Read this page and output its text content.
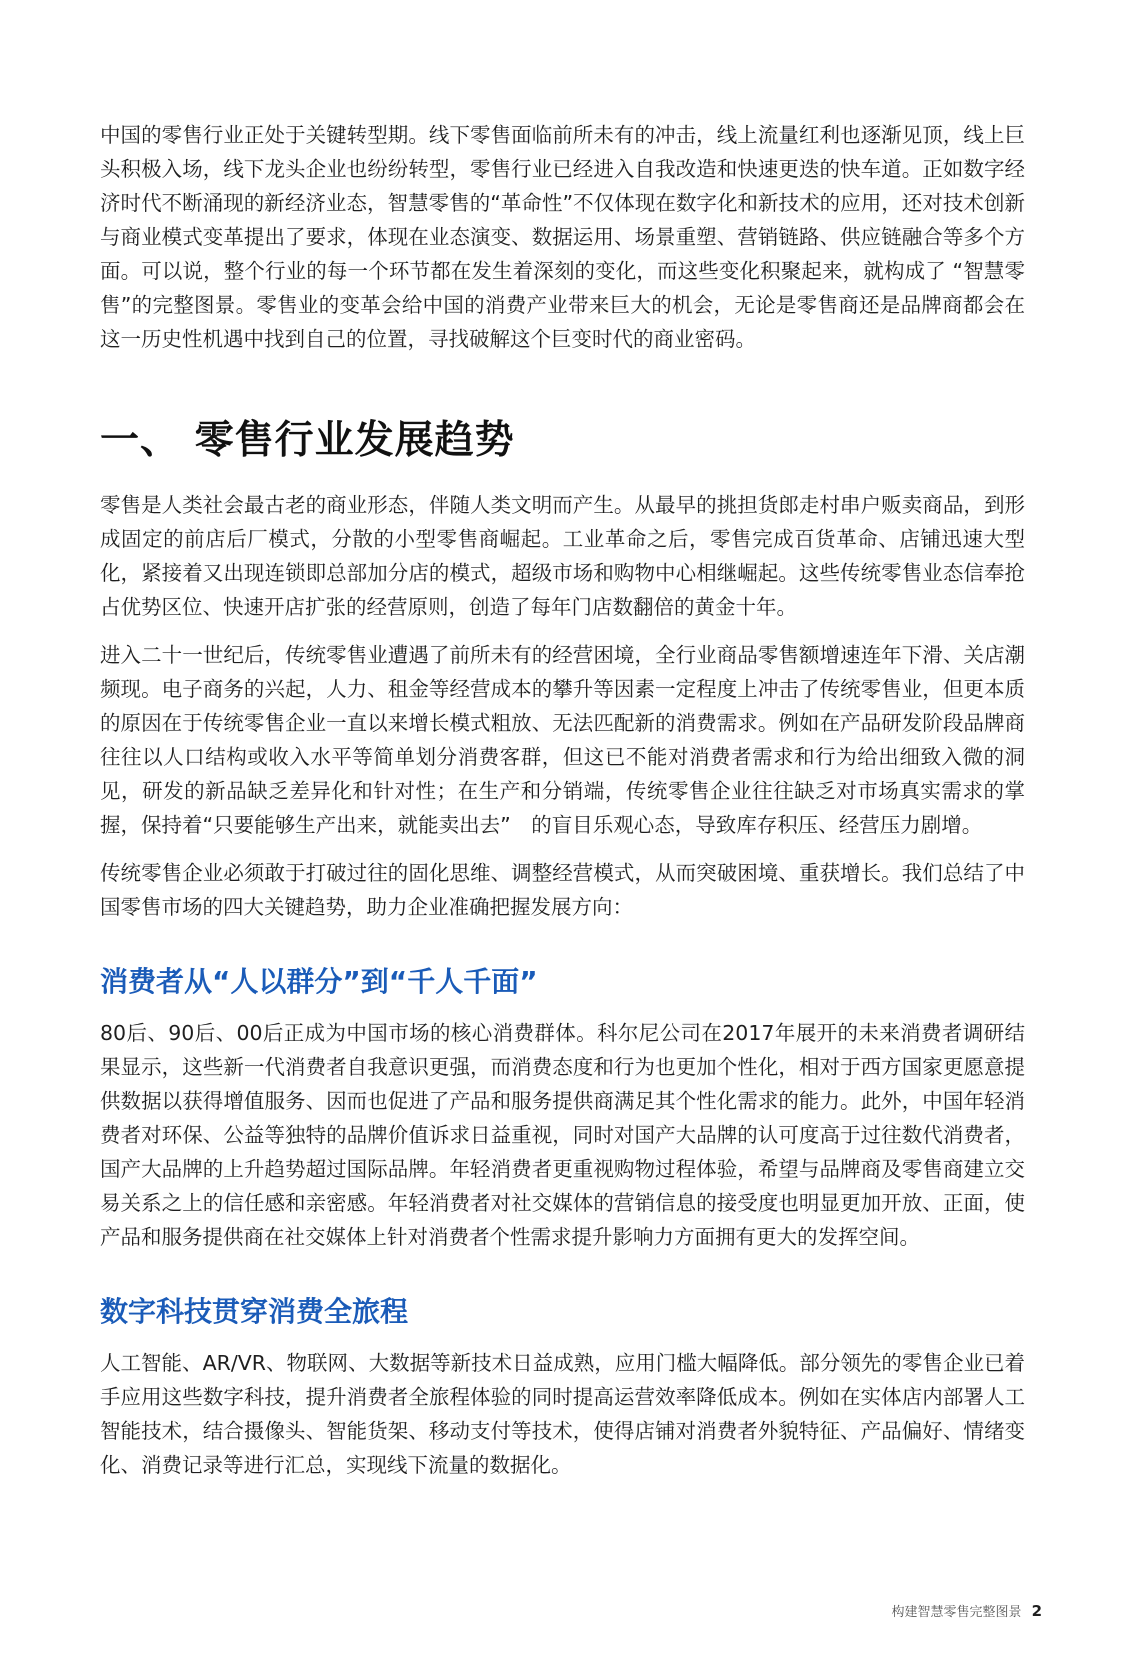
中国的零售行业正处于关键转型期。线下零售面临前所未有的冲击，线上流量红利也逐渐见顶，线上巨头积极入场，线下龙头企业也纷纷转型，零售行业已经进入自我改造和快速更迭的快车道。正如数字经济时代不断涌现的新经济业态，智慧零售的“革命性”不仅体现在数字化和新技术的应用，还对技术创新与商业模式变革提出了要求，体现在业态演变、数据运用、场景重塑、营销链路、供应链融合等多个方面。可以说，整个行业的每一个环节都在发生着深刻的变化，而这些变化积聚起来，就构成了 “智慧零售”的完整图景。零售业的变革会给中国的消费产业带来巨大的机会，无论是零售商还是品牌商都会在这一历史性机遇中找到自己的位置，寻找破解这个巨变时代的商业密码。

一、 零售行业发展趋势

零售是人类社会最古老的商业形态，伴随人类文明而产生。从最早的挑担货郎走村串户贩卖商品，到形成固定的前店后厂模式，分散的小型零售商崛起。工业革命之后，零售完成百货革命、店铺迅速大型化，紧接着又出现连锁即总部加分店的模式，超级市场和购物中心相继崛起。这些传统零售业态信奉抢占优势区位、快速开店扩张的经营原则，创造了每年门店数翻倍的黄金十年。

进入二十一世纪后，传统零售业遭遇了前所未有的经营困境，全行业商品零售额增速连年下滑、关店潮频现。电子商务的兴起，人力、租金等经营成本的攀升等因素一定程度上冲击了传统零售业，但更本质的原因在于传统零售企业一直以来增长模式粗放、无法匹配新的消费需求。例如在产品研发阶段品牌商往往以人口结构或收入水平等简单划分消费客群，但这已不能对消费者需求和行为给出细致入微的洞见，研发的新品缺乏差异化和针对性；在生产和分销端，传统零售企业往往缺乏对市场真实需求的掌握，保持着“只要能够生产出来，就能卖出去”　的盲目乐观心态，导致库存积压、经营压力剧增。

传统零售企业必须敢于打破过往的固化思维、调整经营模式，从而突破困境、重获增长。我们总结了中国零售市场的四大关键趋势，助力企业准确把握发展方向：

消费者从“人以群分”到“千人千面”

80后、90后、00后正成为中国市场的核心消费群体。科尔尼公司在2017年展开的未来消费者调研结果显示，这些新一代消费者自我意识更强，而消费态度和行为也更加个性化，相对于西方国家更愿意提供数据以获得增值服务、因而也促进了产品和服务提供商满足其个性化需求的能力。此外，中国年轻消费者对环保、公益等独特的品牌价值诉求日益重视，同时对国产大品牌的认可度高于过往数代消费者，国产大品牌的上升趋势超过国际品牌。年轻消费者更重视购物过程体验，希望与品牌商及零售商建立交易关系之上的信任感和亲密感。年轻消费者对社交媒体的营销信息的接受度也明显更加开放、正面，使产品和服务提供商在社交媒体上针对消费者个性需求提升影响力方面拥有更大的发挥空间。

数字科技贯穿消费全旅程

人工智能、AR/VR、物联网、大数据等新技术日益成熟，应用门槛大幅降低。部分领先的零售企业已着手应用这些数字科技，提升消费者全旅程体验的同时提高运营效率降低成本。例如在实体店内部署人工智能技术，结合摄像头、智能货架、移动支付等技术，使得店铺对消费者外貌特征、产品偏好、情绪变化、消费记录等进行汇总，实现线下流量的数据化。

构建智慧零售完整图景 2
